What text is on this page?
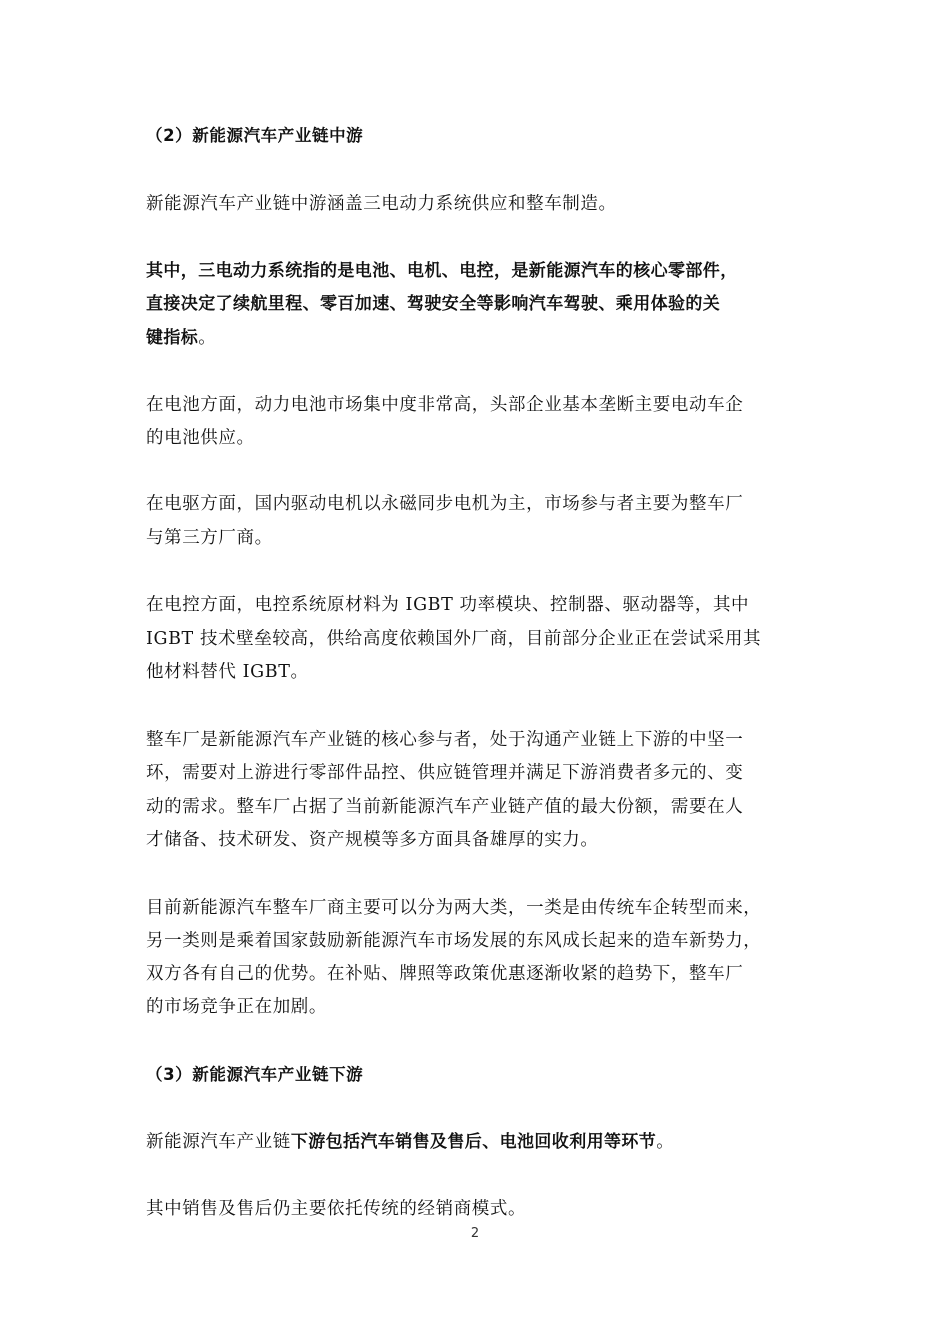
（2）新能源汽车产业链中游
新能源汽车产业链中游涵盖三电动力系统供应和整车制造。
其中，三电动力系统指的是电池、电机、电控，是新能源汽车的核心零部件，
直接决定了续航里程、零百加速、驾驶安全等影响汽车驾驶、乘用体验的关
键指标。
在电池方面，动力电池市场集中度非常高，头部企业基本垄断主要电动车企
的电池供应。
在电驱方面，国内驱动电机以永磁同步电机为主，市场参与者主要为整车厂
与第三方厂商。
在电控方面，电控系统原材料为 IGBT 功率模块、控制器、驱动器等，其中
IGBT 技术壁垒较高，供给高度依赖国外厂商，目前部分企业正在尝试采用其
他材料替代 IGBT。
整车厂是新能源汽车产业链的核心参与者，处于沟通产业链上下游的中坚一
环，需要对上游进行零部件品控、供应链管理并满足下游消费者多元的、变
动的需求。整车厂占据了当前新能源汽车产业链产值的最大份额，需要在人
才储备、技术研发、资产规模等多方面具备雄厚的实力。
目前新能源汽车整车厂商主要可以分为两大类，一类是由传统车企转型而来，
另一类则是乘着国家鼓励新能源汽车市场发展的东风成长起来的造车新势力，
双方各有自己的优势。在补贴、牌照等政策优惠逐渐收紧的趋势下，整车厂
的市场竞争正在加剧。
（3）新能源汽车产业链下游
新能源汽车产业链下游包括汽车销售及售后、电池回收利用等环节。
其中销售及售后仍主要依托传统的经销商模式。
2
